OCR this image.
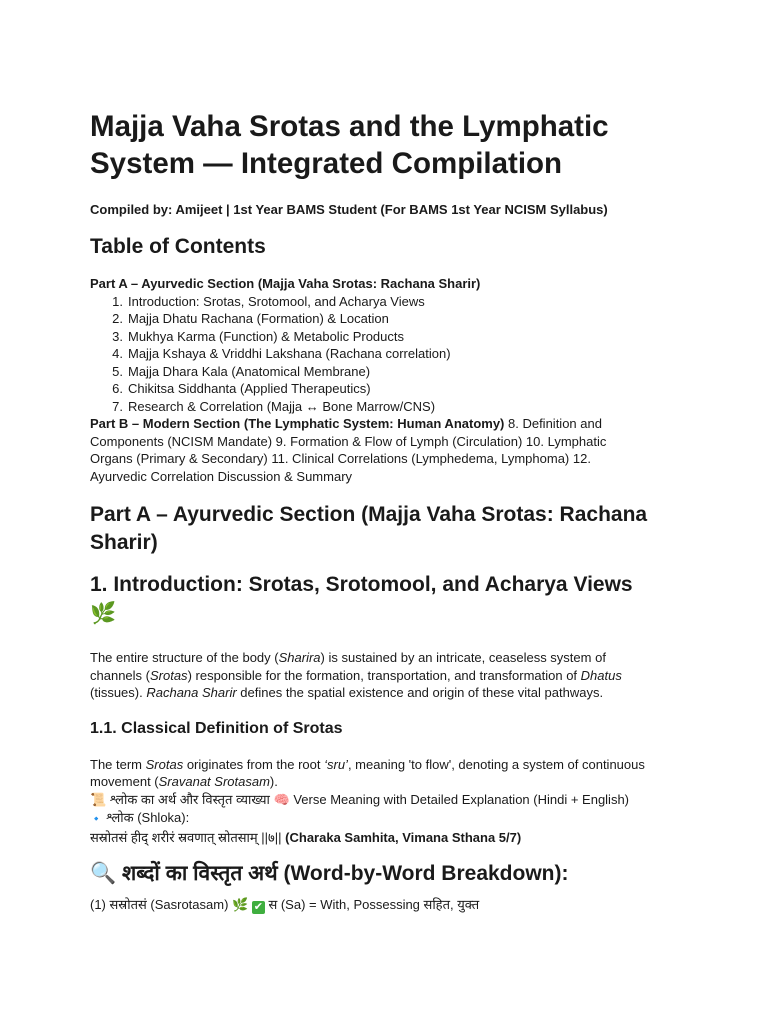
Majja Vaha Srotas and the Lymphatic System — Integrated Compilation

Compiled by: Amijeet | 1st Year BAMS Student (For BAMS 1st Year NCISM Syllabus)

Table of Contents

Part A – Ayurvedic Section (Majja Vaha Srotas: Rachana Sharir)

1. Introduction: Srotas, Srotomool, and Acharya Views
2. Majja Dhatu Rachana (Formation) & Location
3. Mukhya Karma (Function) & Metabolic Products
4. Majja Kshaya & Vriddhi Lakshana (Rachana correlation)
5. Majja Dhara Kala (Anatomical Membrane)
6. Chikitsa Siddhanta (Applied Therapeutics)
7. Research & Correlation (Majja ↔ Bone Marrow/CNS)

Part B – Modern Section (The Lymphatic System: Human Anatomy) 8. Definition and Components (NCISM Mandate) 9. Formation & Flow of Lymph (Circulation) 10. Lymphatic Organs (Primary & Secondary) 11. Clinical Correlations (Lymphedema, Lymphoma) 12. Ayurvedic Correlation Discussion & Summary

Part A – Ayurvedic Section (Majja Vaha Srotas: Rachana Sharir)
1. Introduction: Srotas, Srotomool, and Acharya Views
🌿

The entire structure of the body (Sharira) is sustained by an intricate, ceaseless system of channels (Srotas) responsible for the formation, transportation, and transformation of Dhatus (tissues). Rachana Sharir defines the spatial existence and origin of these vital pathways.

1.1. Classical Definition of Srotas

The term Srotas originates from the root ‘sru’, meaning 'to flow', denoting a system of continuous movement (Sravanat Srotasam).
📜 श्लोक का अर्थ और विस्तृत व्याख्या 🧠 Verse Meaning with Detailed Explanation (Hindi + English)
🔹 श्लोक (Shloka):
सस्रोतसं हीद्‌ शरीरं स्रवणात् स्रोतसाम् ||७|| (Charaka Samhita, Vimana Sthana 5/7)

🔍 शब्दों का विस्तृत अर्थ (Word-by-Word Breakdown):

(1) सस्रोतसं (Sasrotasam) 🌿 ✔ स (Sa) = With, Possessing सहित, युक्त
